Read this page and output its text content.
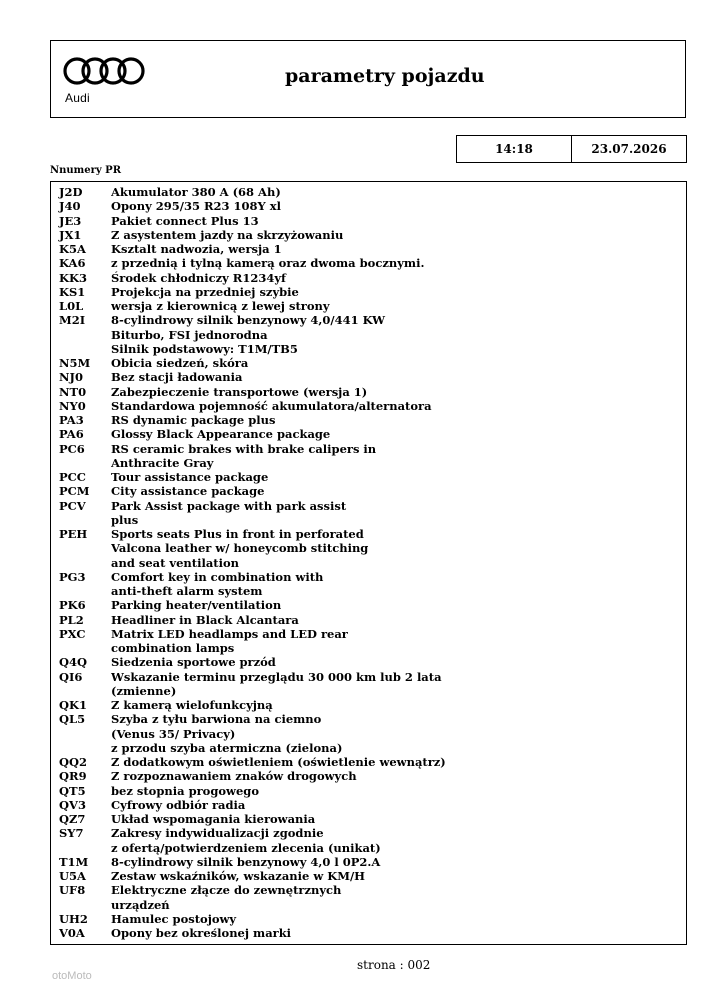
Audi
parametry pojazdu
14:18	23.07.2026
Nnumery PR
J2D	Akumulator 380 A (68 Ah)
J40	Opony 295/35 R23 108Y xl
JE3	Pakiet connect Plus 13
JX1	Z asystentem jazdy na skrzyżowaniu
K5A	Ksztalt nadwozia, wersja 1
KA6	z przednią i tylną kamerą oraz dwoma bocznymi.
KK3	Środek chłodniczy R1234yf
KS1	Projekcja na przedniej szybie
L0L	wersja z kierownicą z lewej strony
M2I	8-cylindrowy silnik benzynowy 4,0/441 KW
Biturbo, FSI jednorodna
Silnik podstawowy: T1M/TB5
N5M	Obicia siedzeń, skóra
NJ0	Bez stacji ładowania
NT0	Zabezpieczenie transportowe (wersja 1)
NY0	Standardowa pojemność akumulatora/alternatora
PA3	RS dynamic package plus
PA6	Glossy Black Appearance package
PC6	RS ceramic brakes with brake calipers in
Anthracite Gray
PCC	Tour assistance package
PCM	City assistance package
PCV	Park Assist package with park assist
plus
PEH	Sports seats Plus in front in perforated
Valcona leather w/ honeycomb stitching
and seat ventilation
PG3	Comfort key in combination with
anti-theft alarm system
PK6	Parking heater/ventilation
PL2	Headliner in Black Alcantara
PXC	Matrix LED headlamps and LED rear
combination lamps
Q4Q	Siedzenia sportowe przód
QI6	Wskazanie terminu przeglądu 30 000 km lub 2 lata
(zmienne)
QK1	Z kamerą wielofunkcyjną
QL5	Szyba z tyłu barwiona na ciemno
(Venus 35/ Privacy)
z przodu szyba atermiczna (zielona)
QQ2	Z dodatkowym oświetleniem (oświetlenie wewnątrz)
QR9	Z rozpoznawaniem znaków drogowych
QT5	bez stopnia progowego
QV3	Cyfrowy odbiór radia
QZ7	Układ wspomagania kierowania
SY7	Zakresy indywidualizacji zgodnie
z ofertą/potwierdzeniem zlecenia (unikat)
T1M	8-cylindrowy silnik benzynowy 4,0 l 0P2.A
U5A	Zestaw wskaźników, wskazanie w KM/H
UF8	Elektryczne złącze do zewnętrznych
urządzeń
UH2	Hamulec postojowy
V0A	Opony bez określonej marki
strona : 002
otoMoto
